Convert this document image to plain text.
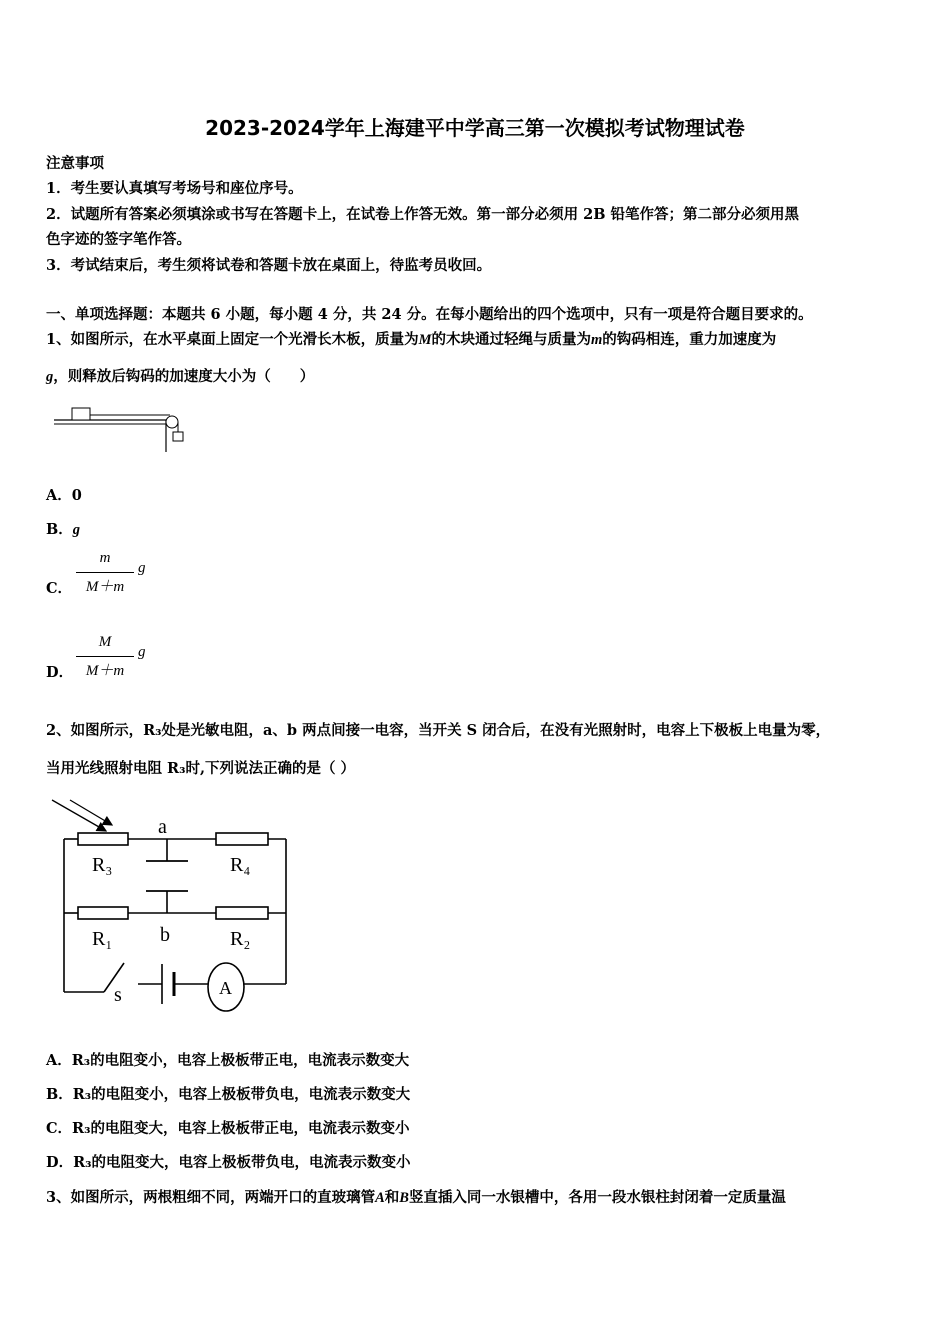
2023-2024学年上海建平中学高三第一次模拟考试物理试卷
注意事项
1．考生要认真填写考场号和座位序号。
2．试题所有答案必须填涂或书写在答题卡上，在试卷上作答无效。第一部分必须用 2B 铅笔作答；第二部分必须用黑
色字迹的签字笔作答。
3．考试结束后，考生须将试卷和答题卡放在桌面上，待监考员收回。
一、单项选择题：本题共 6 小题，每小题 4 分，共 24 分。在每小题给出的四个选项中，只有一项是符合题目要求的。
1、如图所示，在水平桌面上固定一个光滑长木板，质量为M的木块通过轻绳与质量为m的钩码相连，重力加速度为
g，则释放后钩码的加速度大小为（　　）
A．0
B．g
C．
m
M＋m
g
D．
M
M＋m
g
2、如图所示，R₃处是光敏电阻，a、b 两点间接一电容，当开关 S 闭合后，在没有光照射时，电容上下极板上电量为零，
当用光线照射电阻 R₃时,下列说法正确的是（ ）
a
b
R₃	R₄
R₁	R₂
s	A
A．R₃的电阻变小，电容上极板带正电，电流表示数变大
B．R₃的电阻变小，电容上极板带负电，电流表示数变大
C．R₃的电阻变大，电容上极板带正电，电流表示数变小
D．R₃的电阻变大，电容上极板带负电，电流表示数变小
3、如图所示，两根粗细不同，两端开口的直玻璃管A和B竖直插入同一水银槽中，各用一段水银柱封闭着一定质量温
